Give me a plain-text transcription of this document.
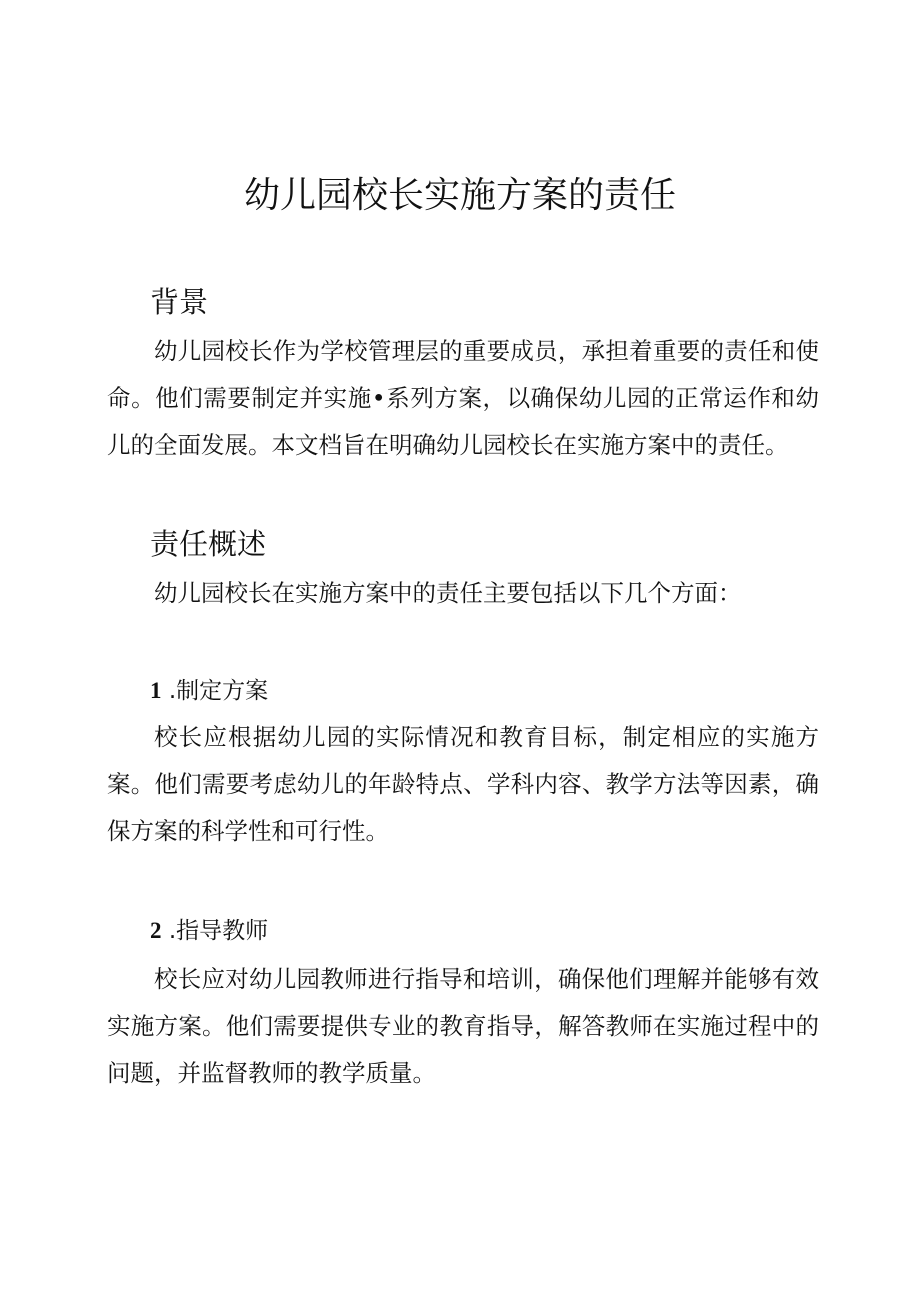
幼儿园校长实施方案的责任
背景

幼儿园校长作为学校管理层的重要成员，承担着重要的责任和使命。他们需要制定并实施•系列方案，以确保幼儿园的正常运作和幼儿的全面发展。本文档旨在明确幼儿园校长在实施方案中的责任。

责任概述

幼儿园校长在实施方案中的责任主要包括以下几个方面：

1 .制定方案

校长应根据幼儿园的实际情况和教育目标，制定相应的实施方案。他们需要考虑幼儿的年龄特点、学科内容、教学方法等因素，确保方案的科学性和可行性。

2 .指导教师

校长应对幼儿园教师进行指导和培训，确保他们理解并能够有效实施方案。他们需要提供专业的教育指导，解答教师在实施过程中的问题，并监督教师的教学质量。
